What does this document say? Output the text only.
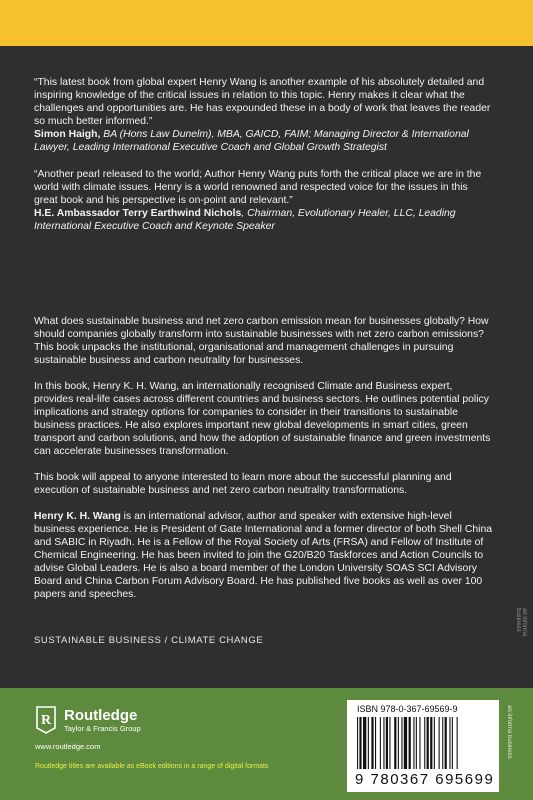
“This latest book from global expert Henry Wang is another example of his absolutely detailed and inspiring knowledge of the critical issues in relation to this topic. Henry makes it clear what the challenges and opportunities are. He has expounded these in a body of work that leaves the reader so much better informed.”

Simon Haigh, BA (Hons Law Dunelm), MBA, GAICD, FAIM; Managing Director & International Lawyer, Leading International Executive Coach and Global Growth Strategist

“Another pearl released to the world; Author Henry Wang puts forth the critical place we are in the world with climate issues. Henry is a world renowned and respected voice for the issues in this great book and his perspective is on-point and relevant.”

H.E. Ambassador Terry Earthwind Nichols, Chairman, Evolutionary Healer, LLC, Leading International Executive Coach and Keynote Speaker

What does sustainable business and net zero carbon emission mean for businesses globally? How should companies globally transform into sustainable businesses with net zero carbon emissions? This book unpacks the institutional, organisational and management challenges in pursuing sustainable business and carbon neutrality for businesses.

In this book, Henry K. H. Wang, an internationally recognised Climate and Business expert, provides real-life cases across different countries and business sectors. He outlines potential policy implications and strategy options for companies to consider in their transitions to sustainable business practices. He also explores important new global developments in smart cities, green transport and carbon solutions, and how the adoption of sustainable finance and green investments can accelerate businesses transformation.

This book will appeal to anyone interested to learn more about the successful planning and execution of sustainable business and net zero carbon neutrality transformations.

Henry K. H. Wang is an international advisor, author and speaker with extensive high-level business experience. He is President of Gate International and a former director of both Shell China and SABIC in Riyadh. He is a Fellow of the Royal Society of Arts (FRSA) and Fellow of Institute of Chemical Engineering. He has been invited to join the G20/B20 Taskforces and Action Councils to advise Global Leaders. He is also a board member of the London University SOAS SCI Advisory Board and China Carbon Forum Advisory Board. He has published five books as well as over 100 papers and speeches.

SUSTAINABLE BUSINESS / CLIMATE CHANGE
an informa business
R Routledge
Taylor & Francis Group
www.routledge.com
Routledge titles are available as eBook editions in a range of digital formats
ISBN 978-0-367-69569-9
9 780367 695699
an informa business
